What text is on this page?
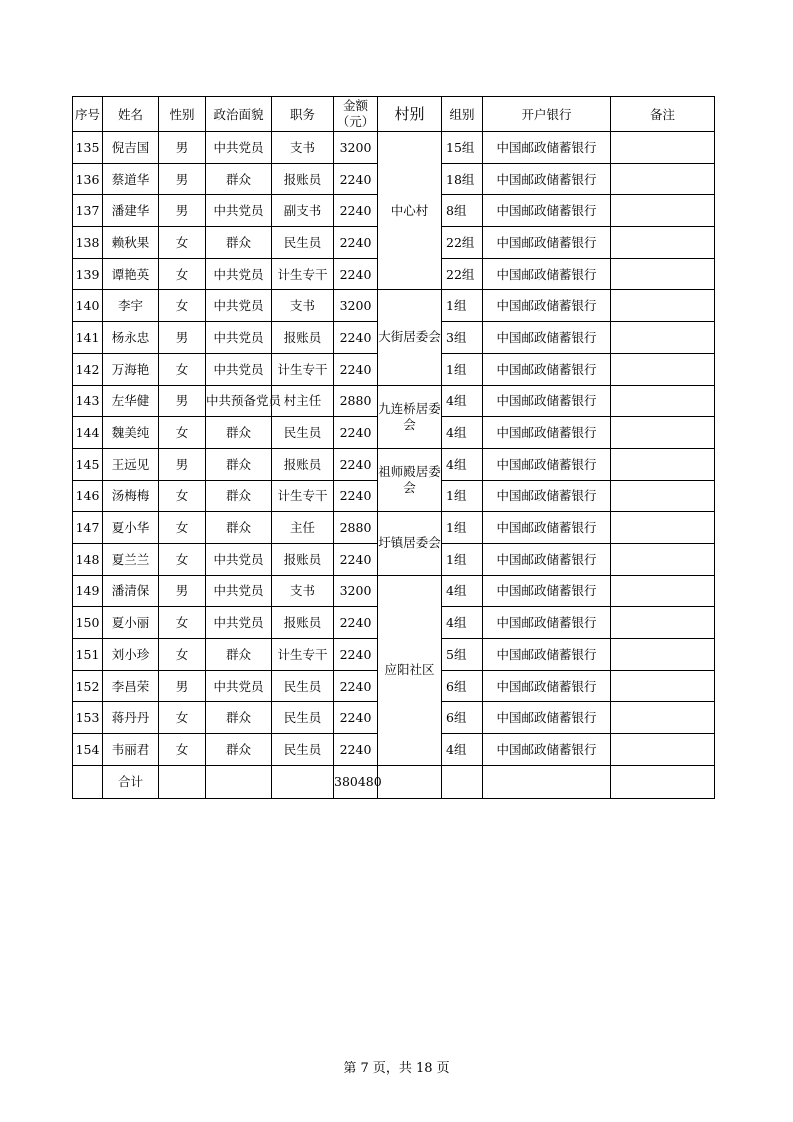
序号	姓名	性别	政治面貌	职务	金额（元）	村别	组别	开户银行	备注
135	倪吉国	男	中共党员	支书	3200	中心村	15组	中国邮政储蓄银行	
136	蔡道华	男	群众	报账员	2240		18组	中国邮政储蓄银行	
137	潘建华	男	中共党员	副支书	2240		8组	中国邮政储蓄银行	
138	赖秋果	女	群众	民生员	2240		22组	中国邮政储蓄银行	
139	谭艳英	女	中共党员	计生专干	2240		22组	中国邮政储蓄银行	
140	李宇	女	中共党员	支书	3200	大街居委会	1组	中国邮政储蓄银行	
141	杨永忠	男	中共党员	报账员	2240		3组	中国邮政储蓄银行	
142	万海艳	女	中共党员	计生专干	2240		1组	中国邮政储蓄银行	
143	左华健	男	中共预备党员	村主任	2880	九连桥居委会	4组	中国邮政储蓄银行	
144	魏美纯	女	群众	民生员	2240		4组	中国邮政储蓄银行	
145	王远见	男	群众	报账员	2240	祖师殿居委会	4组	中国邮政储蓄银行	
146	汤梅梅	女	群众	计生专干	2240		1组	中国邮政储蓄银行	
147	夏小华	女	群众	主任	2880	圩镇居委会	1组	中国邮政储蓄银行	
148	夏兰兰	女	中共党员	报账员	2240		1组	中国邮政储蓄银行	
149	潘清保	男	中共党员	支书	3200	应阳社区	4组	中国邮政储蓄银行	
150	夏小丽	女	中共党员	报账员	2240		4组	中国邮政储蓄银行	
151	刘小珍	女	群众	计生专干	2240		5组	中国邮政储蓄银行	
152	李昌荣	男	中共党员	民生员	2240		6组	中国邮政储蓄银行	
153	蒋丹丹	女	群众	民生员	2240		6组	中国邮政储蓄银行	
154	韦丽君	女	群众	民生员	2240		4组	中国邮政储蓄银行	
	合计				380480				
第 7 页，共 18 页
